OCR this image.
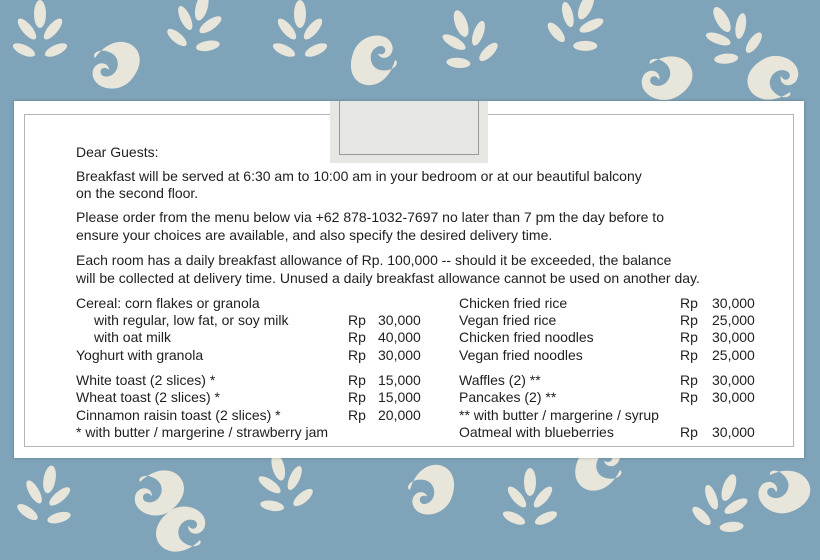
Dear Guests:
Breakfast will be served at 6:30 am to 10:00 am in your bedroom or at our beautiful balcony
on the second floor.
Please order from the menu below via +62 878-1032-7697 no later than 7 pm the day before to
ensure your choices are available, and also specify the desired delivery time.
Each room has a daily breakfast allowance of Rp. 100,000 -- should it be exceeded, the balance
will be collected at delivery time. Unused a daily breakfast allowance cannot be used on another day.
Cereal: corn flakes or granola
with regular, low fat, or soy milk	Rp 30,000
with oat milk	Rp 40,000
Yoghurt with granola	Rp 30,000
White toast (2 slices) *	Rp 15,000
Wheat toast (2 slices) *	Rp 15,000
Cinnamon raisin toast (2 slices) *	Rp 20,000
* with butter / margerine / strawberry jam
Chicken fried rice	Rp 30,000
Vegan fried rice	Rp 25,000
Chicken fried noodles	Rp 30,000
Vegan fried noodles	Rp 25,000
Waffles (2) **	Rp 30,000
Pancakes (2) **	Rp 30,000
** with butter / margerine / syrup
Oatmeal with blueberries	Rp 30,000
